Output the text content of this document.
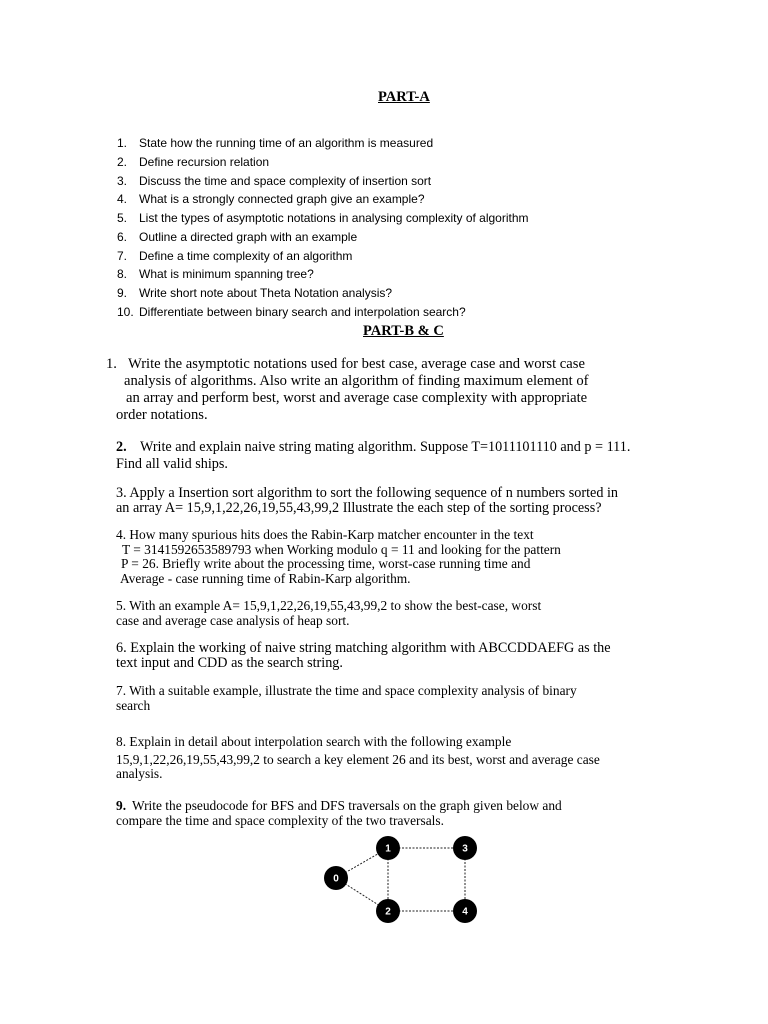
PART-A
1. State how the running time of an algorithm is measured
2. Define recursion relation
3. Discuss the time and space complexity of insertion sort
4. What is a strongly connected graph give an example?
5. List the types of asymptotic notations in analysing complexity of algorithm
6. Outline a directed graph with an example
7. Define a time complexity of an algorithm
8. What is minimum spanning tree?
9. Write short note about Theta Notation analysis?
10. Differentiate between binary search and interpolation search?
PART-B & C
1. Write the asymptotic notations used for best case, average case and worst case
analysis of algorithms. Also write an algorithm of finding maximum element of
an array and perform best, worst and average case complexity with appropriate
order notations.
2. Write and explain naive string mating algorithm. Suppose T=1011101110 and p = 111.
Find all valid ships.
3. Apply a Insertion sort algorithm to sort the following sequence of n numbers sorted in
an array A= 15,9,1,22,26,19,55,43,99,2 Illustrate the each step of the sorting process?
4. How many spurious hits does the Rabin-Karp matcher encounter in the text
T = 3141592653589793 when Working modulo q = 11 and looking for the pattern
P = 26. Briefly write about the processing time, worst-case running time and
Average - case running time of Rabin-Karp algorithm.
5. With an example A= 15,9,1,22,26,19,55,43,99,2 to show the best-case, worst
case and average case analysis of heap sort.
6. Explain the working of naive string matching algorithm with ABCCDDAEFG as the
text input and CDD as the search string.
7. With a suitable example, illustrate the time and space complexity analysis of binary
search
8. Explain in detail about interpolation search with the following example
15,9,1,22,26,19,55,43,99,2 to search a key element 26 and its best, worst and average case
analysis.
9. Write the pseudocode for BFS and DFS traversals on the graph given below and
compare the time and space complexity of the two traversals.
0
1
2
3
4
